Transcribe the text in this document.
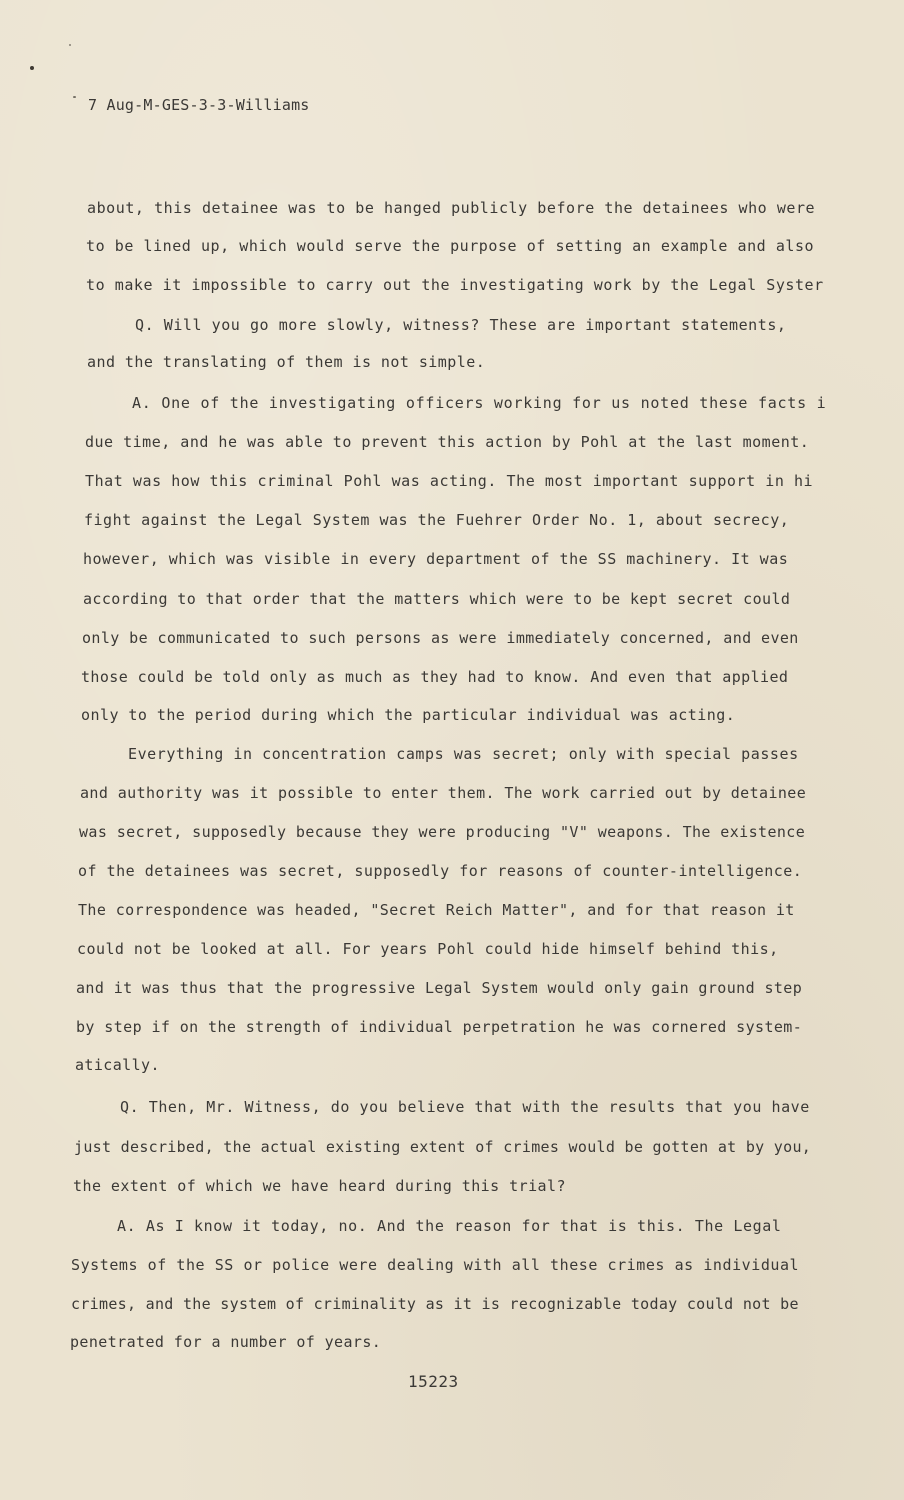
7 Aug-M-GES-3-3-Williams
about, this detainee was to be hanged publicly before the detainees who were
to be lined up, which would serve the purpose of setting an example and also
to make it impossible to carry out the investigating work by the Legal Syster
Q. Will you go more slowly, witness? These are important statements,
and the translating of them is not simple.
A. One of the investigating officers working for us noted these facts i
due time, and he was able to prevent this action by Pohl at the last moment.
That was how this criminal Pohl was acting. The most important support in hi
fight against the Legal System was the Fuehrer Order No. 1, about secrecy,
however, which was visible in every department of the SS machinery. It was
according to that order that the matters which were to be kept secret could
only be communicated to such persons as were immediately concerned, and even
those could be told only as much as they had to know. And even that applied
only to the period during which the particular individual was acting.
Everything in concentration camps was secret; only with special passes
and authority was it possible to enter them. The work carried out by detainee
was secret, supposedly because they were producing "V" weapons. The existence
of the detainees was secret, supposedly for reasons of counter-intelligence.
The correspondence was headed, "Secret Reich Matter", and for that reason it
could not be looked at all. For years Pohl could hide himself behind this,
and it was thus that the progressive Legal System would only gain ground step
by step if on the strength of individual perpetration he was cornered system-
atically.
Q. Then, Mr. Witness, do you believe that with the results that you have
just described, the actual existing extent of crimes would be gotten at by you,
the extent of which we have heard during this trial?
A. As I know it today, no. And the reason for that is this. The Legal
Systems of the SS or police were dealing with all these crimes as individual
crimes, and the system of criminality as it is recognizable today could not be
penetrated for a number of years.
15223
